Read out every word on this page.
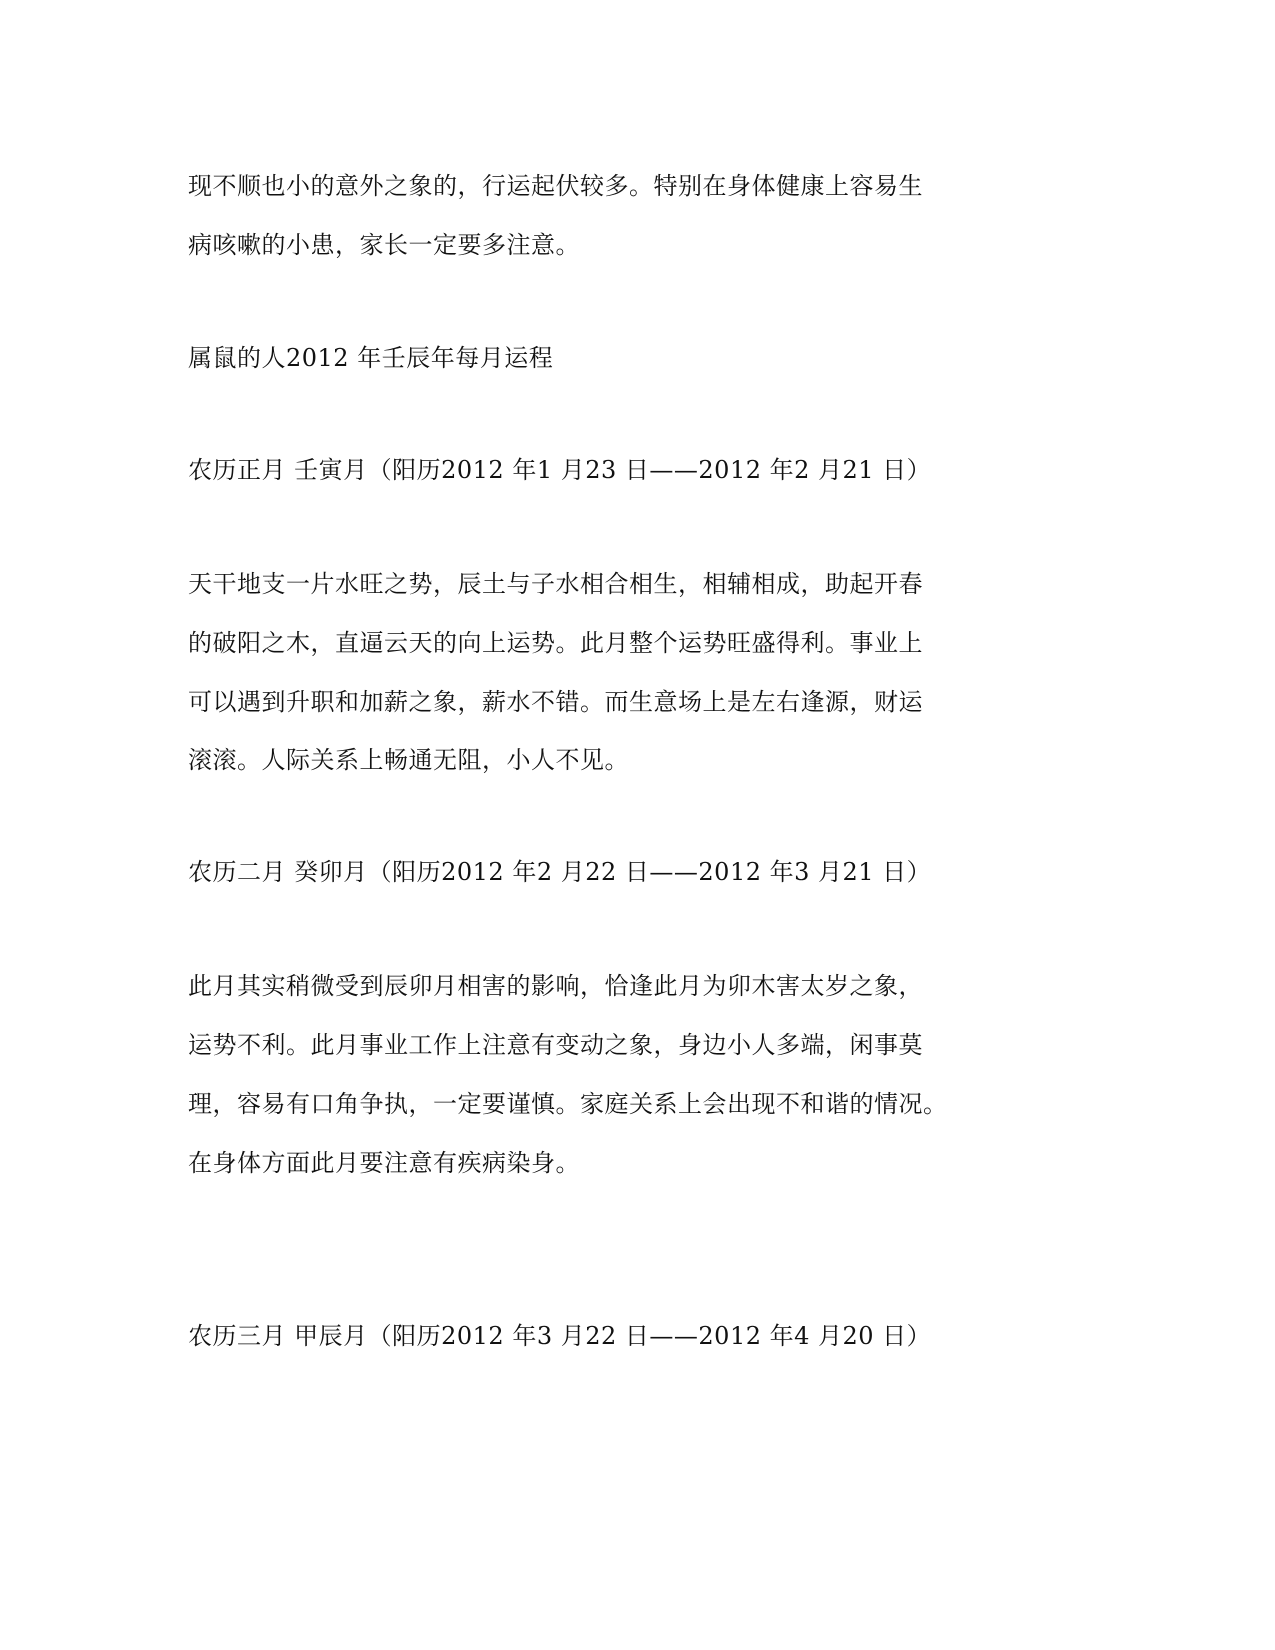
现不顺也小的意外之象的，行运起伏较多。特别在身体健康上容易生
病咳嗽的小患，家长一定要多注意。
属鼠的人2012 年壬辰年每月运程
农历正月 壬寅月（阳历2012 年1 月23 日——2012 年2 月21 日）
天干地支一片水旺之势，辰土与子水相合相生，相辅相成，助起开春
的破阳之木，直逼云天的向上运势。此月整个运势旺盛得利。事业上
可以遇到升职和加薪之象，薪水不错。而生意场上是左右逢源，财运
滚滚。人际关系上畅通无阻，小人不见。
农历二月 癸卯月（阳历2012 年2 月22 日——2012 年3 月21 日）
此月其实稍微受到辰卯月相害的影响，恰逢此月为卯木害太岁之象，
运势不利。此月事业工作上注意有变动之象，身边小人多端，闲事莫
理，容易有口角争执，一定要谨慎。家庭关系上会出现不和谐的情况。
在身体方面此月要注意有疾病染身。
农历三月 甲辰月（阳历2012 年3 月22 日——2012 年4 月20 日）
